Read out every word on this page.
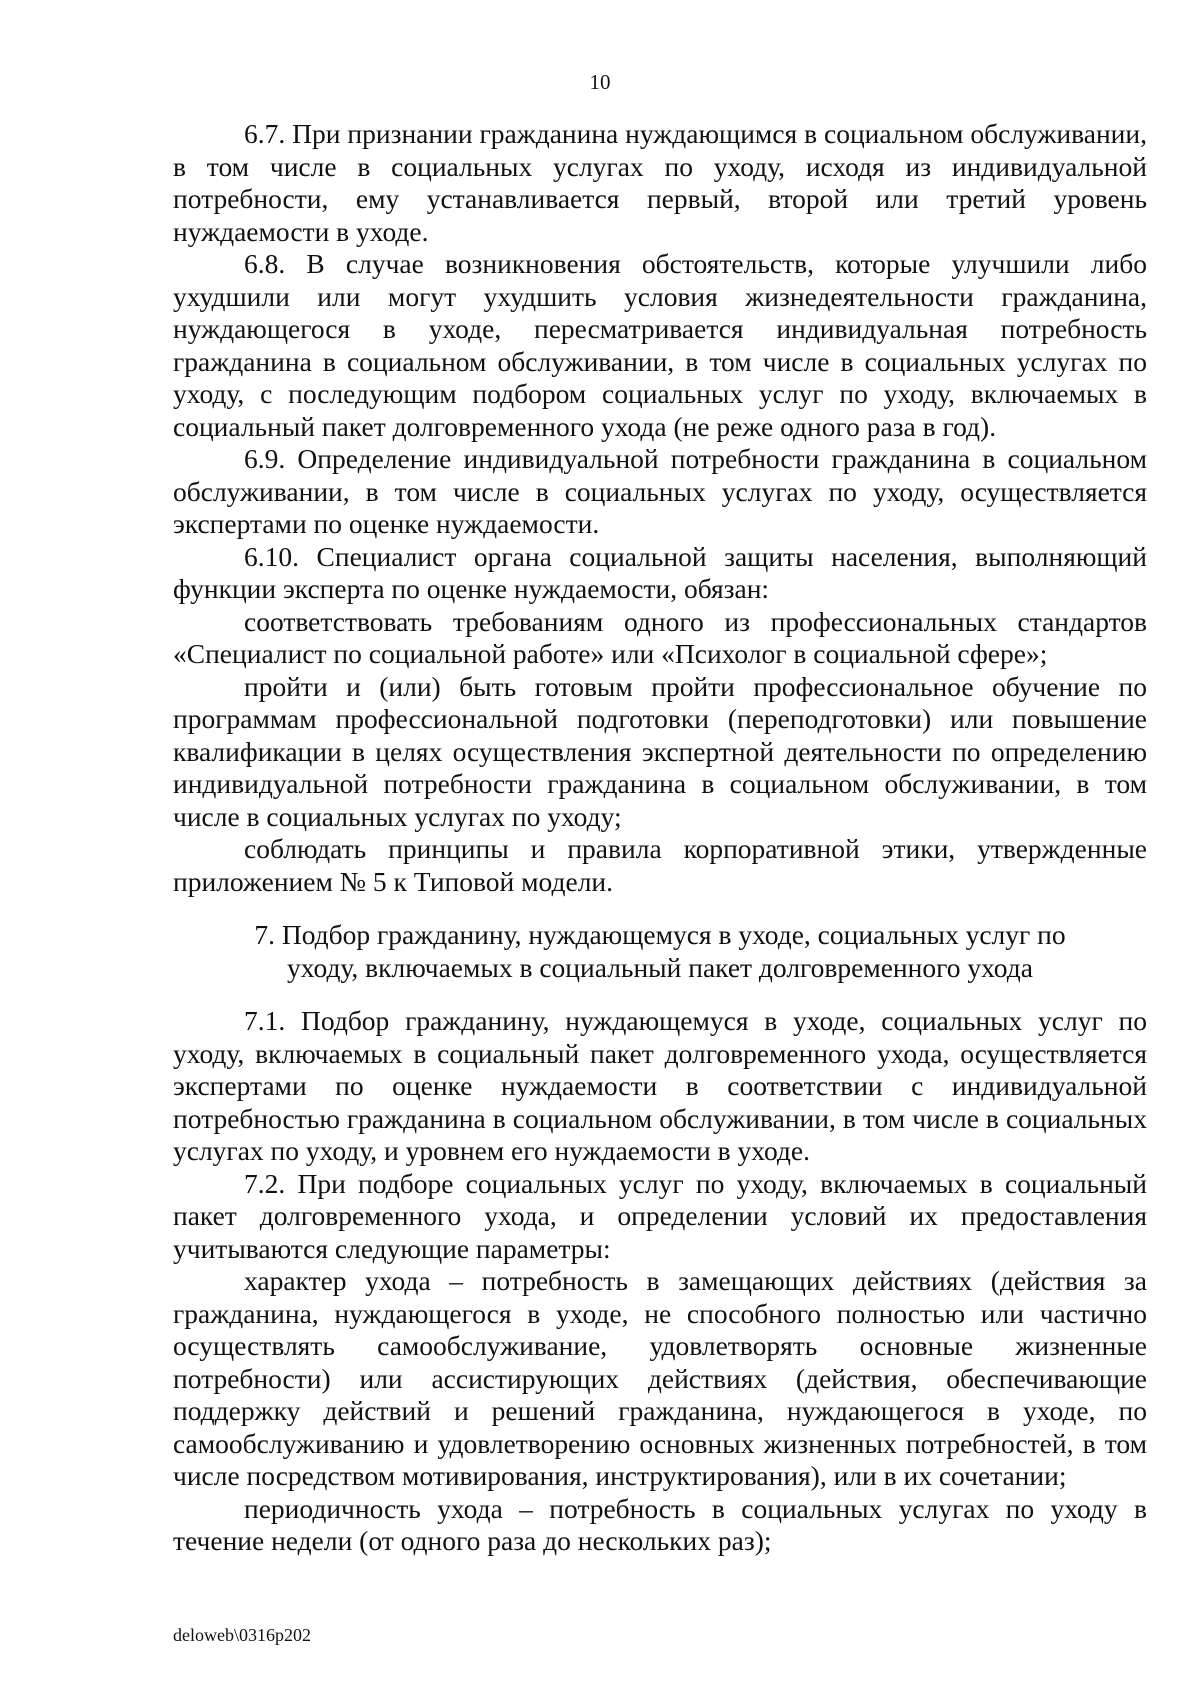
10

6.7. При признании гражданина нуждающимся в социальном обслуживании, в том числе в социальных услугах по уходу, исходя из индивидуальной потребности, ему устанавливается первый, второй или третий уровень нуждаемости в уходе.

6.8. В случае возникновения обстоятельств, которые улучшили либо ухудшили или могут ухудшить условия жизнедеятельности гражданина, нуждающегося в уходе, пересматривается индивидуальная потребность гражданина в социальном обслуживании, в том числе в социальных услугах по уходу, с последующим подбором социальных услуг по уходу, включаемых в социальный пакет долговременного ухода (не реже одного раза в год).

6.9. Определение индивидуальной потребности гражданина в социальном обслуживании, в том числе в социальных услугах по уходу, осуществляется экспертами по оценке нуждаемости.

6.10. Специалист органа социальной защиты населения, выполняющий функции эксперта по оценке нуждаемости, обязан:

соответствовать требованиям одного из профессиональных стандартов «Специалист по социальной работе» или «Психолог в социальной сфере»;

пройти и (или) быть готовым пройти профессиональное обучение по программам профессиональной подготовки (переподготовки) или повышение квалификации в целях осуществления экспертной деятельности по определению индивидуальной потребности гражданина в социальном обслуживании, в том числе в социальных услугах по уходу;

соблюдать принципы и правила корпоративной этики, утвержденные приложением № 5 к Типовой модели.

7. Подбор гражданину, нуждающемуся в уходе, социальных услуг по уходу, включаемых в социальный пакет долговременного ухода

7.1. Подбор гражданину, нуждающемуся в уходе, социальных услуг по уходу, включаемых в социальный пакет долговременного ухода, осуществляется экспертами по оценке нуждаемости в соответствии с индивидуальной потребностью гражданина в социальном обслуживании, в том числе в социальных услугах по уходу, и уровнем его нуждаемости в уходе.

7.2. При подборе социальных услуг по уходу, включаемых в социальный пакет долговременного ухода, и определении условий их предоставления учитываются следующие параметры:

характер ухода – потребность в замещающих действиях (действия за гражданина, нуждающегося в уходе, не способного полностью или частично осуществлять самообслуживание, удовлетворять основные жизненные потребности) или ассистирующих действиях (действия, обеспечивающие поддержку действий и решений гражданина, нуждающегося в уходе, по самообслуживанию и удовлетворению основных жизненных потребностей, в том числе посредством мотивирования, инструктирования), или в их сочетании;

периодичность ухода – потребность в социальных услугах по уходу в течение недели (от одного раза до нескольких раз);

deloweb\0316p202
